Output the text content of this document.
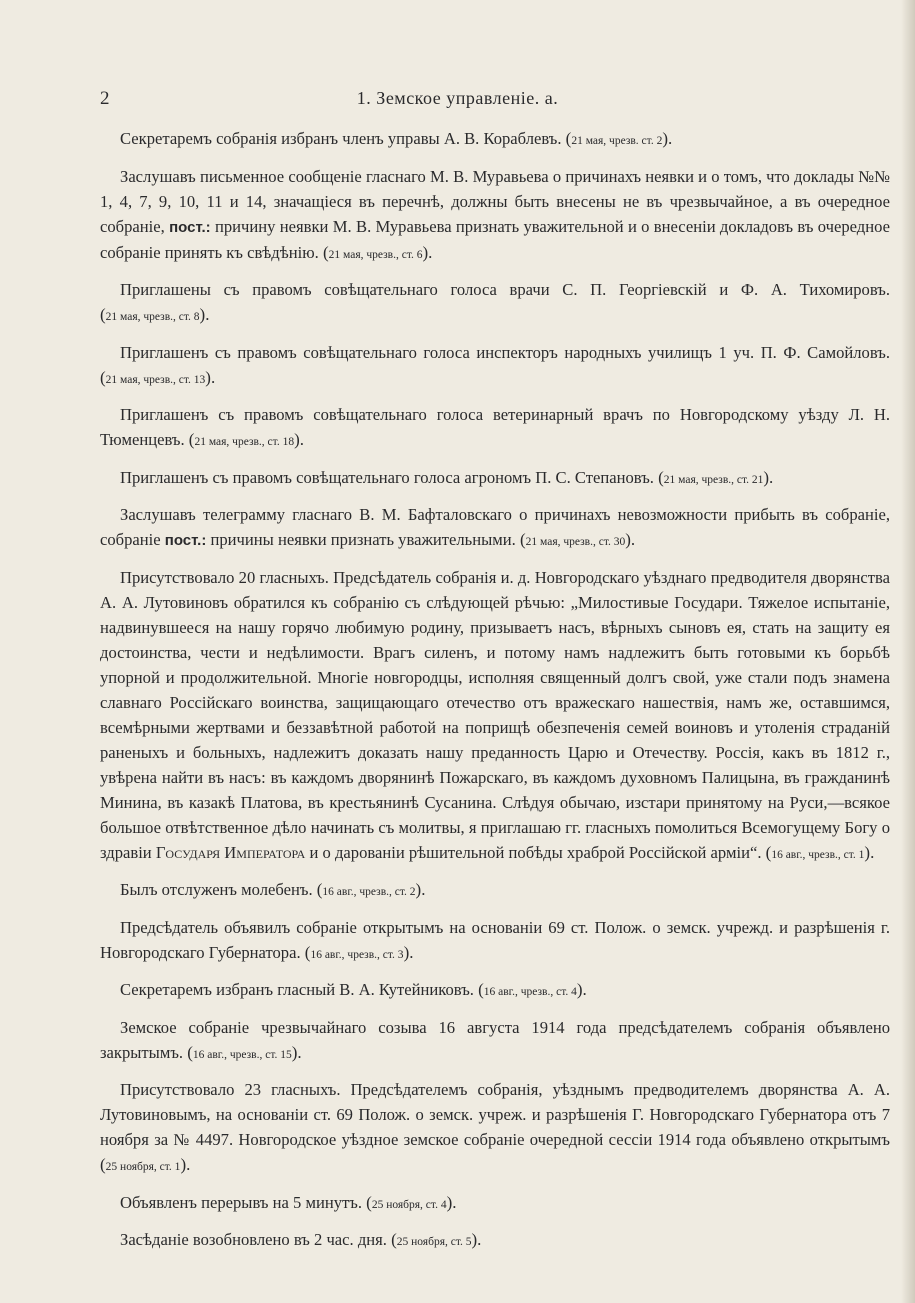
2	1. Земское управленіе. а.

Секретаремъ собранія избранъ членъ управы А. В. Кораблевъ. (21 мая, чрезв. ст. 2).

Заслушавъ письменное сообщеніе гласнаго М. В. Муравьева о причинахъ неявки и о томъ, что доклады №№ 1, 4, 7, 9, 10, 11 и 14, значащіеся въ перечнѣ, должны быть внесены не въ чрезвычайное, а въ очередное собраніе, пост.: причину неявки М. В. Муравьева признать уважительной и о внесеніи докладовъ въ очередное собраніе принять къ свѣдѣнію. (21 мая, чрезв., ст. 6).

Приглашены съ правомъ совѣщательнаго голоса врачи С. П. Георгіевскій и Ф. А. Тихомировъ. (21 мая, чрезв., ст. 8).

Приглашенъ съ правомъ совѣщательнаго голоса инспекторъ народныхъ училищъ 1 уч. П. Ф. Самойловъ. (21 мая, чрезв., ст. 13).

Приглашенъ съ правомъ совѣщательнаго голоса ветеринарный врачъ по Новгородскому уѣзду Л. Н. Тюменцевъ. (21 мая, чрезв., ст. 18).

Приглашенъ съ правомъ совѣщательнаго голоса агрономъ П. С. Степановъ. (21 мая, чрезв., ст. 21).

Заслушавъ телеграмму гласнаго В. М. Бафталовскаго о причинахъ невозможности прибыть въ собраніе, собраніе пост.: причины неявки признать уважительными. (21 мая, чрезв., ст. 30).

Присутствовало 20 гласныхъ. Предсѣдатель собранія и. д. Новгородскаго уѣзднаго предводителя дворянства А. А. Лутовиновъ обратился къ собранію съ слѣдующей рѣчью: „Милостивые Государи. Тяжелое испытаніе, надвинувшееся на нашу горячо любимую родину, призываетъ насъ, вѣрныхъ сыновъ ея, стать на защиту ея достоинства, чести и недѣлимости. Врагъ силенъ, и потому намъ надлежитъ быть готовыми къ борьбѣ упорной и продолжительной. Многіе новгородцы, исполняя священный долгъ свой, уже стали подъ знамена славнаго Россійскаго воинства, защищающаго отечество отъ вражескаго нашествія, намъ же, оставшимся, всемѣрными жертвами и беззавѣтной работой на поприщѣ обезпеченія семей воиновъ и утоленія страданій раненыхъ и больныхъ, надлежитъ доказать нашу преданность Царю и Отечеству. Россія, какъ въ 1812 г., увѣрена найти въ насъ: въ каждомъ дворянинѣ Пожарскаго, въ каждомъ духовномъ Палицына, въ гражданинѣ Минина, въ казакѣ Платова, въ крестьянинѣ Сусанина. Слѣдуя обычаю, изстари принятому на Руси,—всякое большое отвѣтственное дѣло начинать съ молитвы, я приглашаю гг. гласныхъ помолиться Всемогущему Богу о здравіи Государя Императора и о дарованіи рѣшительной побѣды храброй Россійской арміи“. (16 авг., чрезв., ст. 1).

Былъ отслуженъ молебенъ. (16 авг., чрезв., ст. 2).

Предсѣдатель объявилъ собраніе открытымъ на основаніи 69 ст. Полож. о земск. учрежд. и разрѣшенія г. Новгородскаго Губернатора. (16 авг., чрезв., ст. 3).

Секретаремъ избранъ гласный В. А. Кутейниковъ. (16 авг., чрезв., ст. 4).

Земское собраніе чрезвычайнаго созыва 16 августа 1914 года предсѣдателемъ собранія объявлено закрытымъ. (16 авг., чрезв., ст. 15).

Присутствовало 23 гласныхъ. Предсѣдателемъ собранія, уѣзднымъ предводителемъ дворянства А. А. Лутовиновымъ, на основаніи ст. 69 Полож. о земск. учреж. и разрѣшенія Г. Новгородскаго Губернатора отъ 7 ноября за № 4497. Новгородское уѣздное земское собраніе очередной сессіи 1914 года объявлено открытымъ (25 ноября, ст. 1).

Объявленъ перерывъ на 5 минутъ. (25 ноября, ст. 4).

Засѣданіе возобновлено въ 2 час. дня. (25 ноября, ст. 5).
